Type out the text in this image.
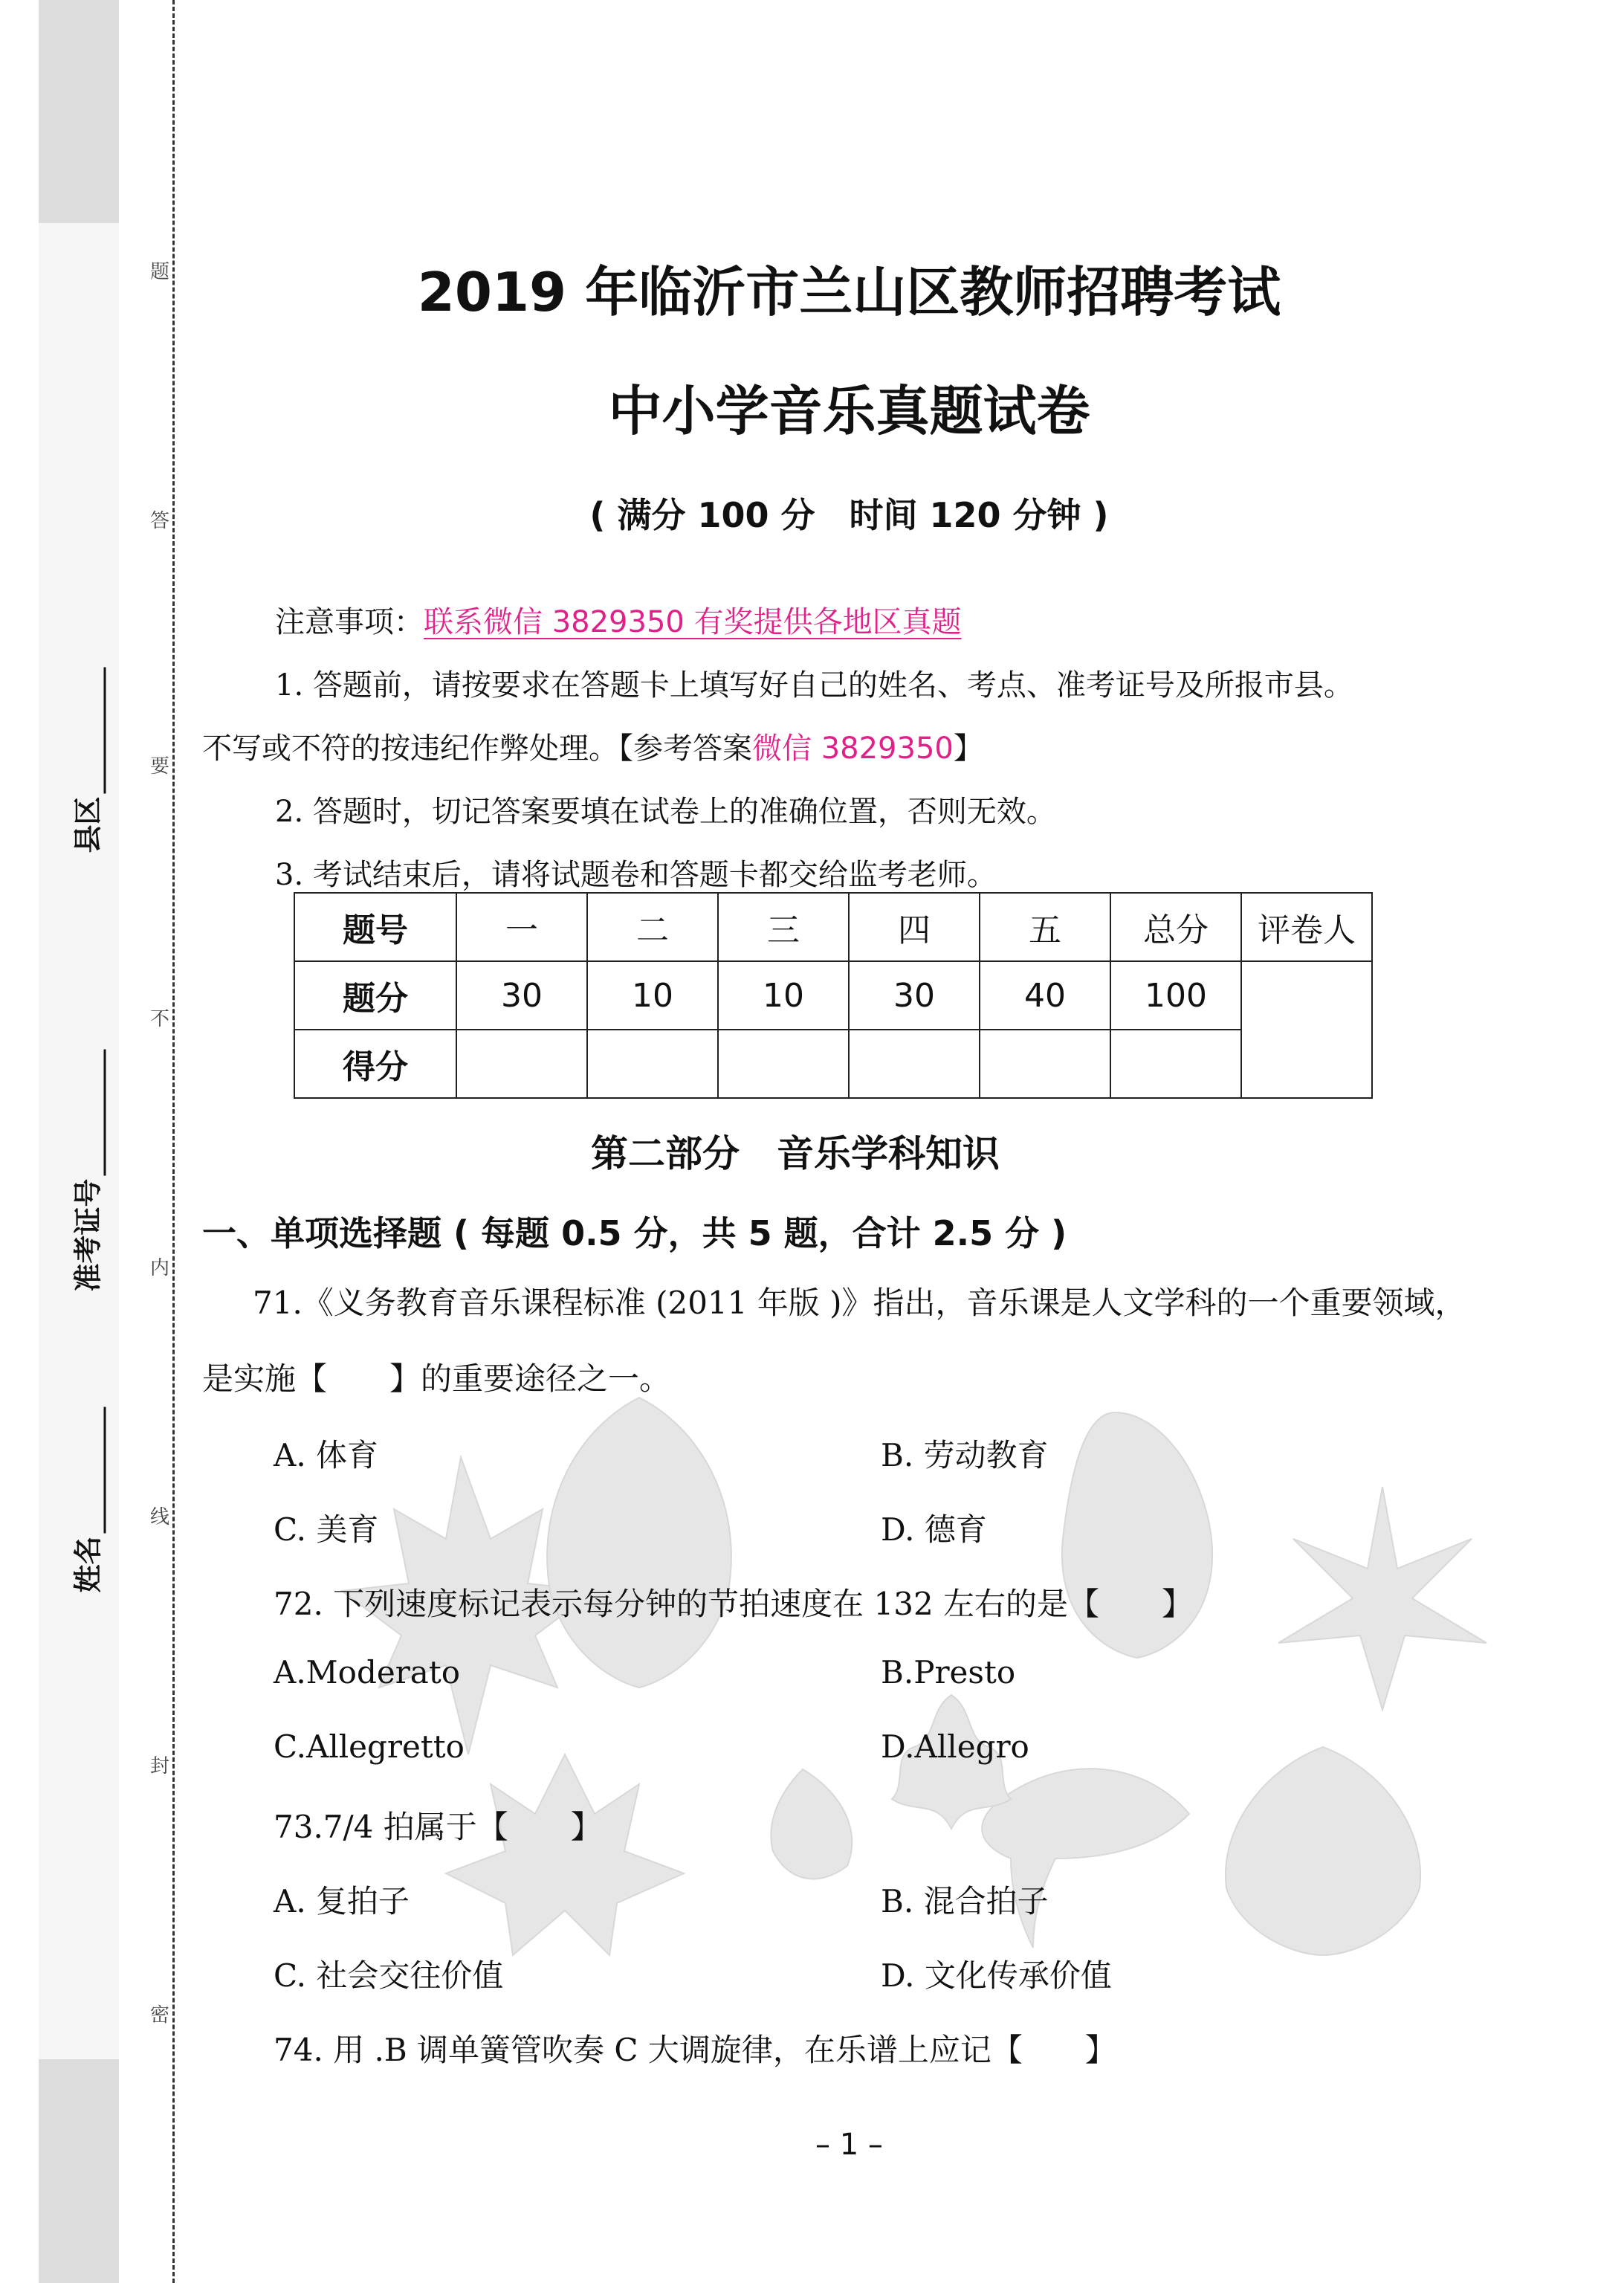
题
答
要
不
内
线
封
密
县区
准考证号
姓名
2019 年临沂市兰山区教师招聘考试
中小学音乐真题试卷
( 满分 100 分　时间 120 分钟 )
注意事项：联系微信 3829350 有奖提供各地区真题
1. 答题前，请按要求在答题卡上填写好自己的姓名、考点、准考证号及所报市县。
不写或不符的按违纪作弊处理。【参考答案微信 3829350】
2. 答题时，切记答案要填在试卷上的准确位置，否则无效。
3. 考试结束后，请将试题卷和答题卡都交给监考老师。
题号	一	二	三	四	五	总分	评卷人
题分	30	10	10	30	40	100	
得分							
第二部分　音乐学科知识
一、单项选择题 ( 每题 0.5 分，共 5 题，合计 2.5 分 )
71.《义务教育音乐课程标准 (2011 年版 )》指出，音乐课是人文学科的一个重要领域，
是实施【　　】的重要途径之一。
A. 体育	B. 劳动教育
C. 美育	D. 德育
72. 下列速度标记表示每分钟的节拍速度在 132 左右的是【　　】
A.Moderato	B.Presto
C.Allegretto	D.Allegro
73.7/4 拍属于【　　】
A. 复拍子	B. 混合拍子
C. 社会交往价值	D. 文化传承价值
74. 用 .B 调单簧管吹奏 C 大调旋律，在乐谱上应记【　　】
– 1 –
